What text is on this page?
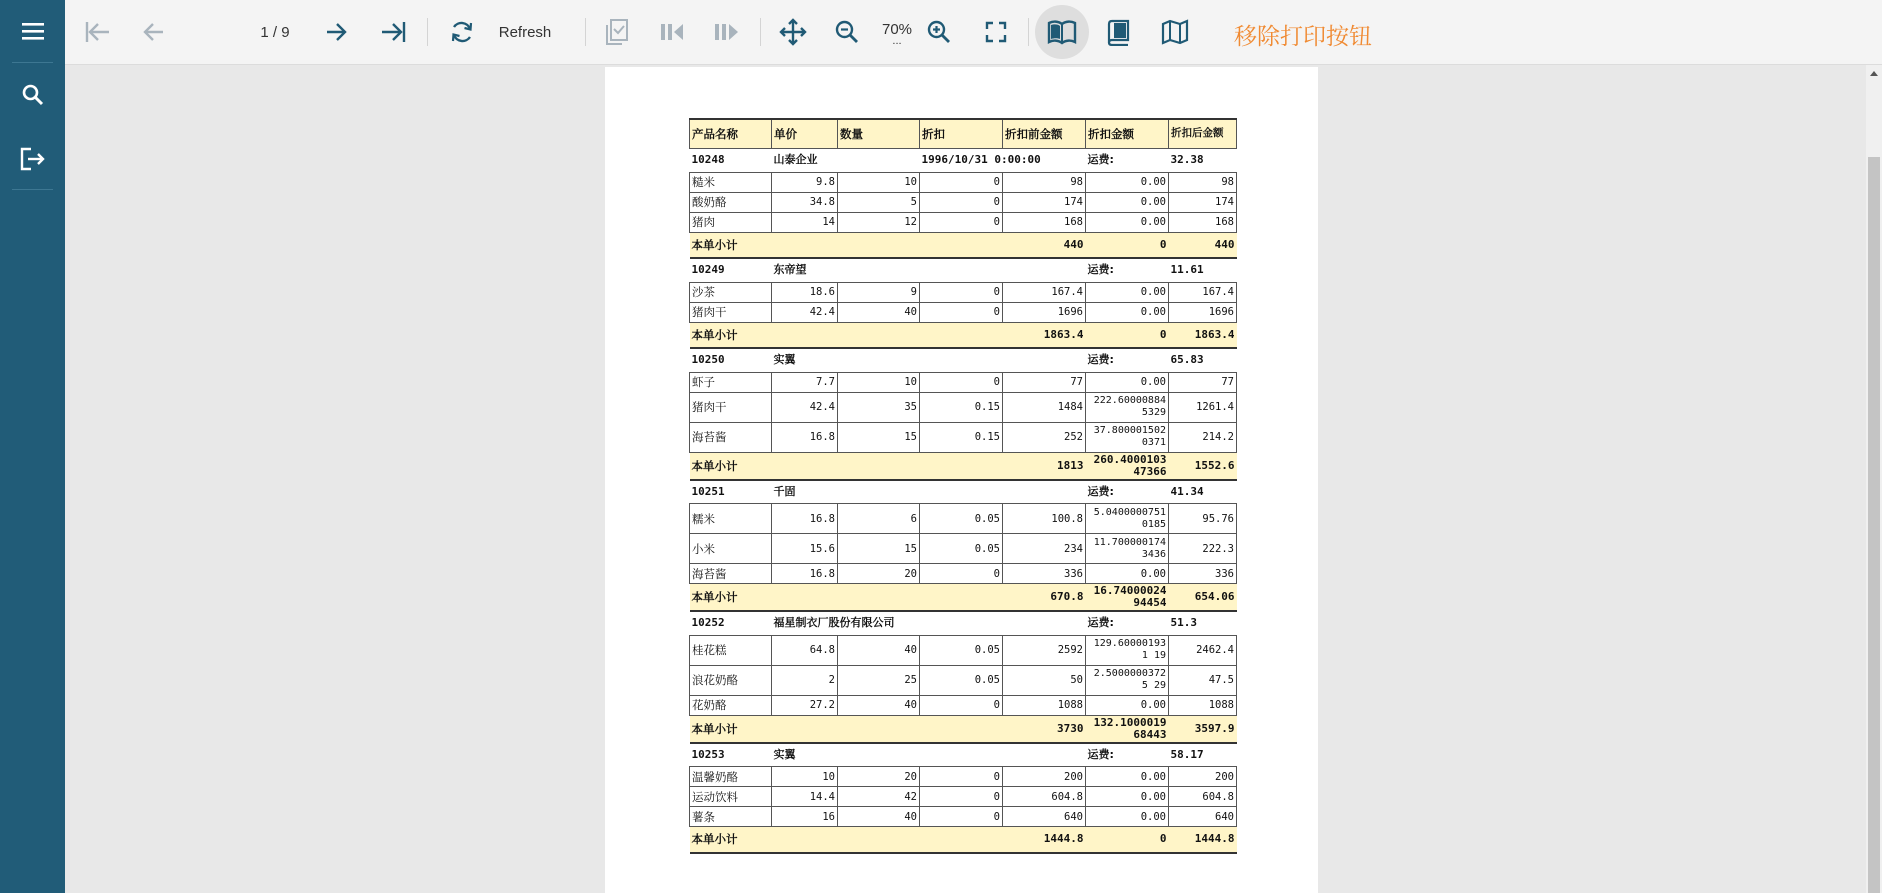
1 / 9	Refresh	70%
...	移除打印按钮
产品名称	单价	数量	折扣	折扣前金额	折扣金额	折扣后金额
10248	山泰企业		1996/10/31 0:00:00		运费:	32.38
糙米	9.8	10	0	98	0.00	98
酸奶酪	34.8	5	0	174	0.00	174
猪肉	14	12	0	168	0.00	168
本单小计				440	0	440
10249	东帝望				运费:	11.61
沙茶	18.6	9	0	167.4	0.00	167.4
猪肉干	42.4	40	0	1696	0.00	1696
本单小计				1863.4	0	1863.4
10250	实翼				运费:	65.83
虾子	7.7	10	0	77	0.00	77
猪肉干	42.4	35	0.15	1484	222.600008845329	1261.4
海苔酱	16.8	15	0.15	252	37.8000015020371	214.2
本单小计				1813	260.400010347366	1552.6
10251	千固				运费:	41.34
糯米	16.8	6	0.05	100.8	5.04000007510185	95.76
小米	15.6	15	0.05	234	11.7000001743436	222.3
海苔酱	16.8	20	0	336	0.00	336
本单小计				670.8	16.7400002494454	654.06
10252	福星制衣厂股份有限公司				运费:	51.3
桂花糕	64.8	40	0.05	2592	129.600001931 19	2462.4
浪花奶酪	2	25	0.05	50	2.50000003725 29	47.5
花奶酪	27.2	40	0	1088	0.00	1088
本单小计				3730	132.100001968443	3597.9
10253	实翼				运费:	58.17
温馨奶酪	10	20	0	200	0.00	200
运动饮料	14.4	42	0	604.8	0.00	604.8
薯条	16	40	0	640	0.00	640
本单小计				1444.8	0	1444.8
